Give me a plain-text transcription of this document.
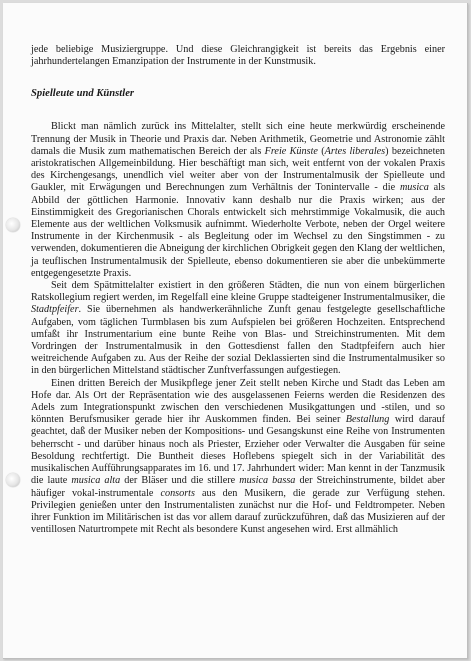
jede beliebige Musiziergruppe. Und diese Gleichrangigkeit ist bereits das Ergebnis einer jahrhundertelangen Emanzipation der Instrumente in der Kunstmusik.

Spielleute und Künstler

Blickt man nämlich zurück ins Mittelalter, stellt sich eine heute merkwürdig erscheinende Trennung der Musik in Theorie und Praxis dar. Neben Arithmetik, Geometrie und Astronomie zählt damals die Musik zum mathematischen Bereich der als Freie Künste (Artes liberales) bezeichneten aristokratischen Allgemeinbildung. Hier beschäftigt man sich, weit entfernt von der vokalen Praxis des Kirchengesangs, unendlich viel weiter aber von der Instrumentalmusik der Spielleute und Gaukler, mit Erwägungen und Berechnungen zum Verhältnis der Tonintervalle - die musica als Abbild der göttlichen Harmonie. Innovativ kann deshalb nur die Praxis wirken; aus der Einstimmigkeit des Gregorianischen Chorals entwickelt sich mehrstimmige Vokalmusik, die auch Elemente aus der weltlichen Volksmusik aufnimmt. Wiederholte Verbote, neben der Orgel weitere Instrumente in der Kirchenmusik - als Begleitung oder im Wechsel zu den Singstimmen - zu verwenden, dokumentieren die Abneigung der kirchlichen Obrigkeit gegen den Klang der weltlichen, ja teuflischen Instrumentalmusik der Spielleute, ebenso dokumentieren sie aber die unbekümmerte entgegengesetzte Praxis.

Seit dem Spätmittelalter existiert in den größeren Städten, die nun von einem bürgerlichen Ratskollegium regiert werden, im Regelfall eine kleine Gruppe stadteigener Instrumentalmusiker, die Stadtpfeifer. Sie übernehmen als handwerkerähnliche Zunft genau festgelegte gesellschaftliche Aufgaben, vom täglichen Turmblasen bis zum Aufspielen bei größeren Hochzeiten. Entsprechend umfaßt ihr Instrumentarium eine bunte Reihe von Blas- und Streichinstrumenten. Mit dem Vordringen der Instrumentalmusik in den Gottesdienst fallen den Stadtpfeifern auch hier weitreichende Aufgaben zu. Aus der Reihe der sozial Deklassierten sind die Instrumentalmusiker so in den bürgerlichen Mittelstand städtischer Zunftverfassungen aufgestiegen.

Einen dritten Bereich der Musikpflege jener Zeit stellt neben Kirche und Stadt das Leben am Hofe dar. Als Ort der Repräsentation wie des ausgelassenen Feierns werden die Residenzen des Adels zum Integrationspunkt zwischen den verschiedenen Musikgattungen und -stilen, und so könnten Berufsmusiker gerade hier ihr Auskommen finden. Bei seiner Bestallung wird darauf geachtet, daß der Musiker neben der Kompositions- und Gesangskunst eine Reihe von Instrumenten beherrscht - und darüber hinaus noch als Priester, Erzieher oder Verwalter die Ausgaben für seine Besoldung rechtfertigt. Die Buntheit dieses Hoflebens spiegelt sich in der Variabilität des musikalischen Aufführungsapparates im 16. und 17. Jahrhundert wider: Man kennt in der Tanzmusik die laute musica alta der Bläser und die stillere musica bassa der Streichinstrumente, bildet aber häufiger vokal-instrumentale consorts aus den Musikern, die gerade zur Verfügung stehen. Privilegien genießen unter den Instrumentalisten zunächst nur die Hof- und Feldtrompeter. Neben ihrer Funktion im Militärischen ist das vor allem darauf zurückzuführen, daß das Musizieren auf der ventillosen Naturtrompete mit Recht als besondere Kunst angesehen wird. Erst allmählich
